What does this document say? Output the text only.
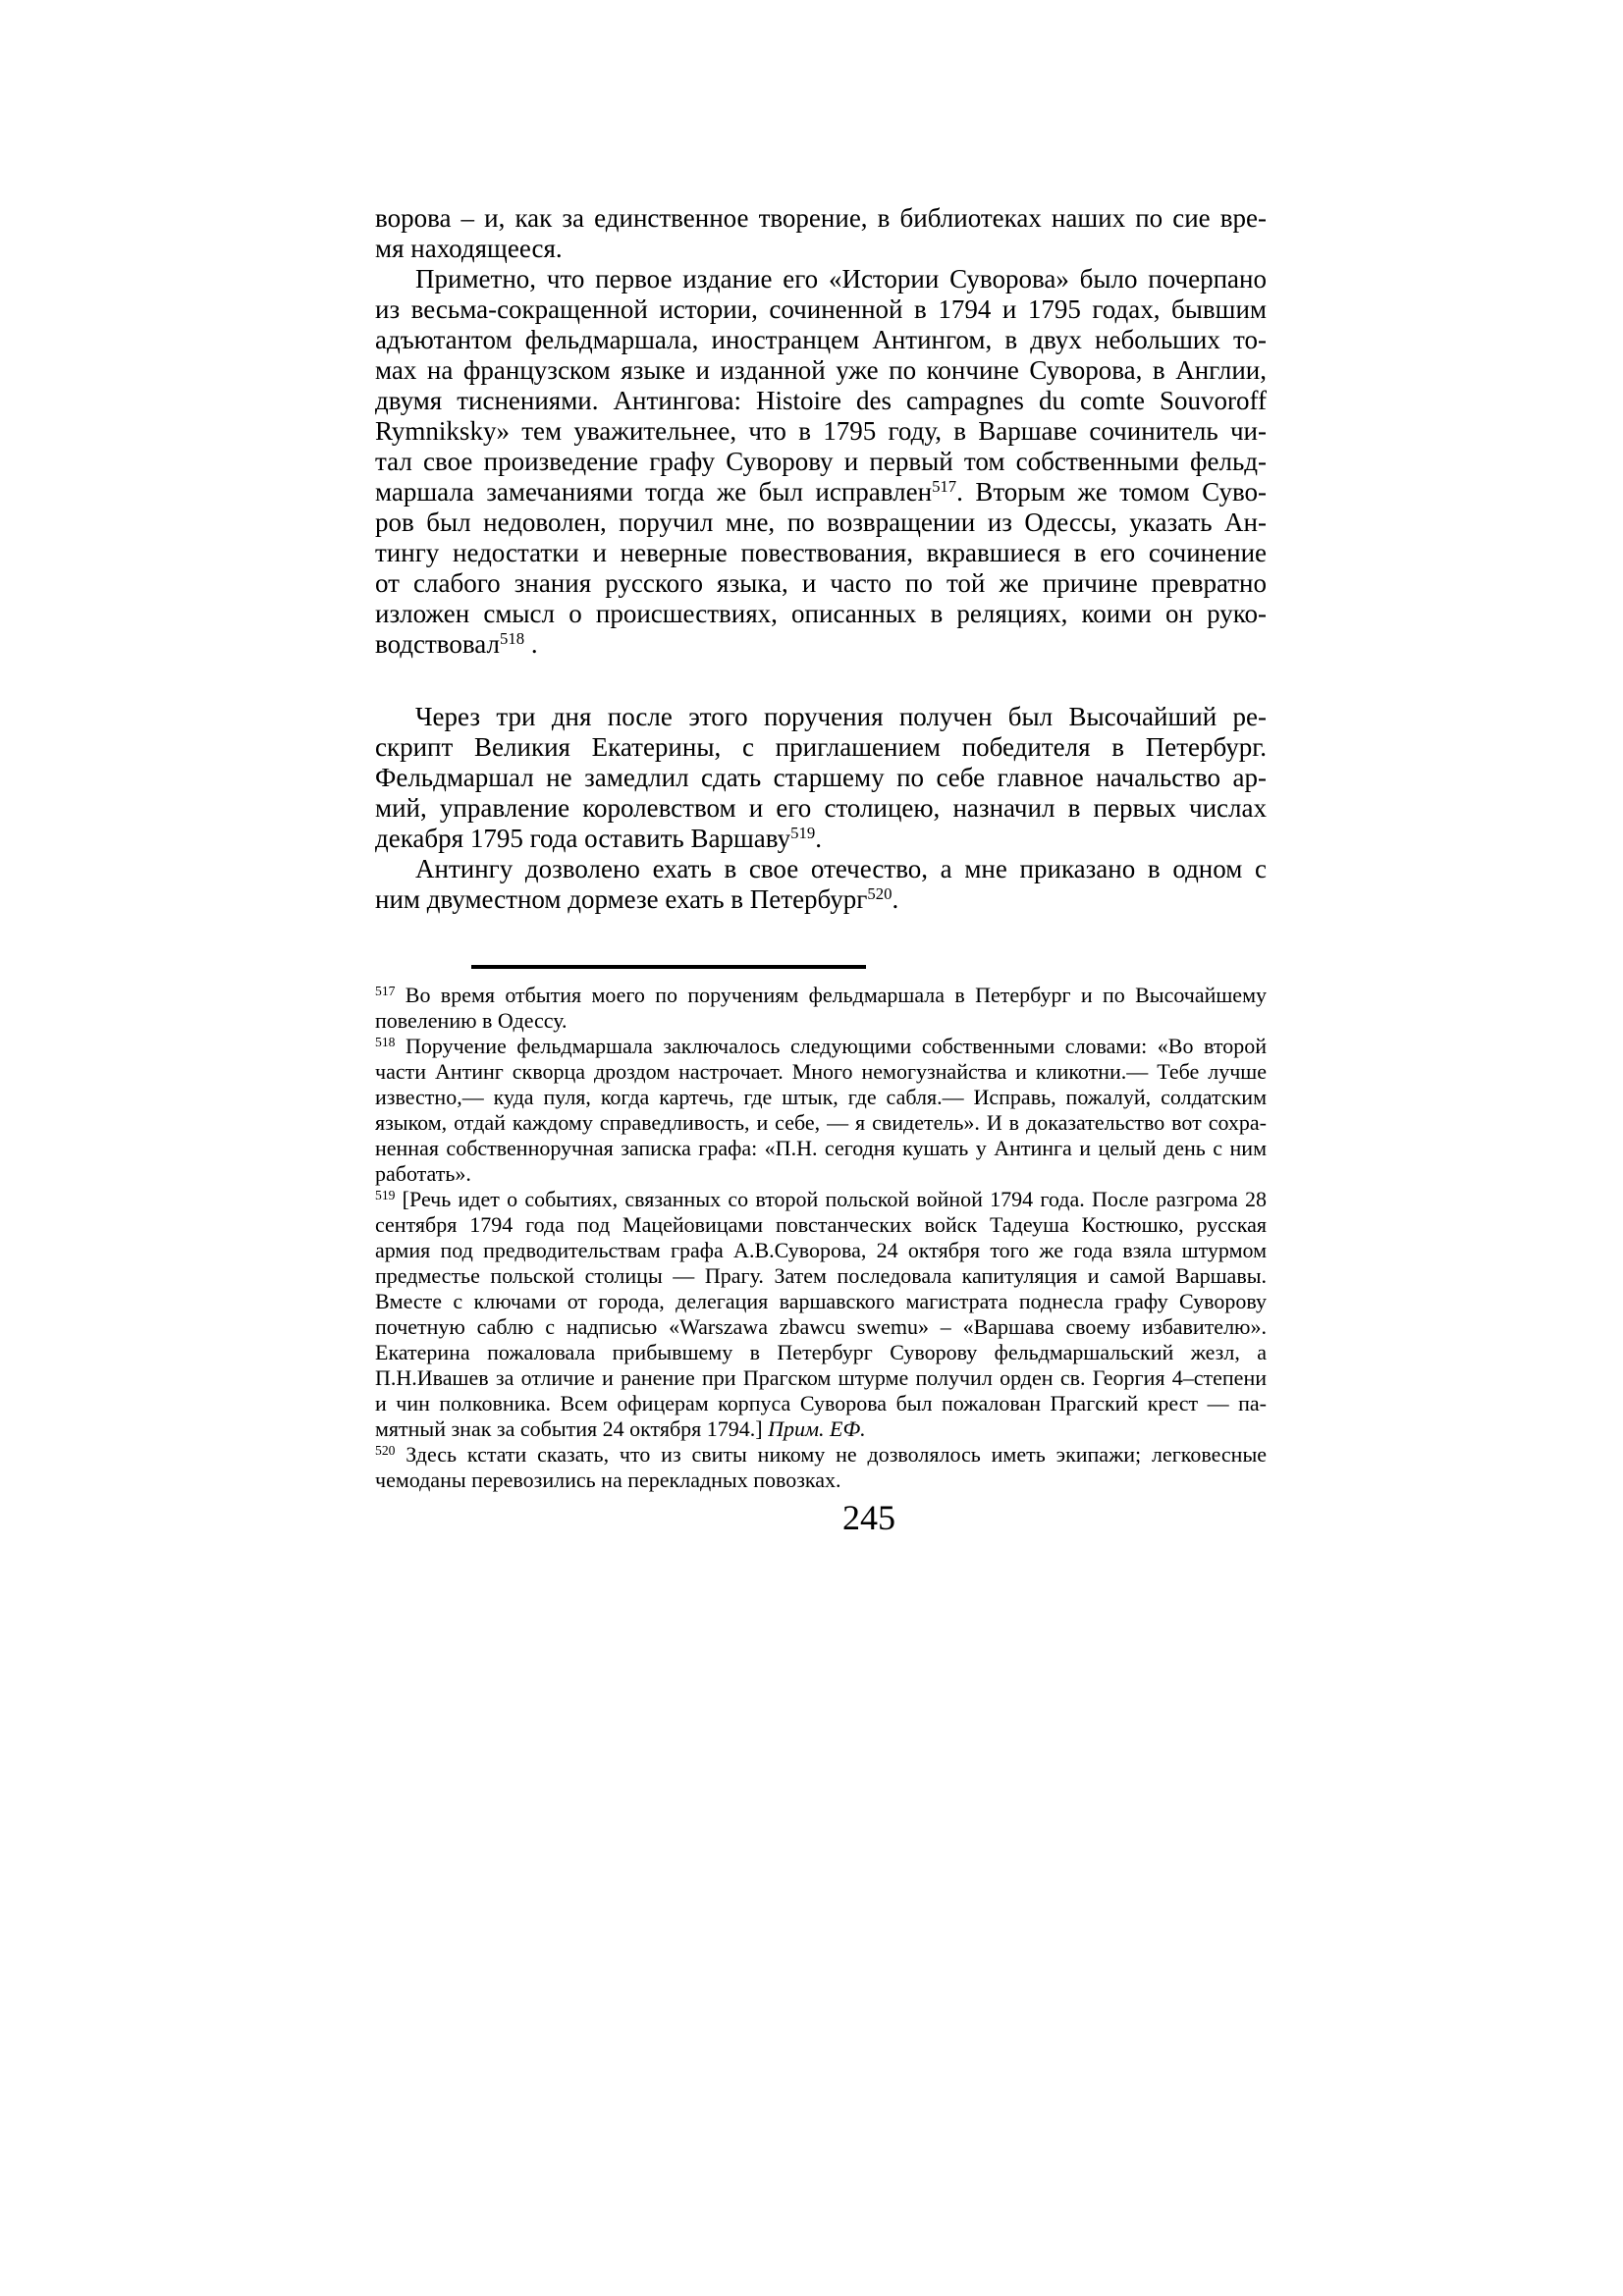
ворова – и, как за единственное творение, в библиотеках наших по сие вре-
мя находящееся.
Приметно, что первое издание его «Истории Суворова» было почерпано
из весьма-сокращенной истории, сочиненной в 1794 и 1795 годах, бывшим
адъютантом фельдмаршала, иностранцем Антингом, в двух небольших то-
мах на французском языке и изданной уже по кончине Суворова, в Англии,
двумя тиснениями. Антингова: Histoire des campagnes du comte Souvoroff
Rymniksky» тем уважительнее, что в 1795 году, в Варшаве сочинитель чи-
тал свое произведение графу Суворову и первый том собственными фельд-
маршала замечаниями тогда же был исправлен$^{517}$. Вторым же томом Суво-
ров был недоволен, поручил мне, по возвращении из Одессы, указать Ан-
тингу недостатки и неверные повествования, вкравшиеся в его сочинение
от слабого знания русского языка, и часто по той же причине превратно
изложен смысл о происшествиях, описанных в реляциях, коими он руко-
водствовал$^{518}$ .
Через три дня после этого поручения получен был Высочайший ре-
скрипт Великия Екатерины, с приглашением победителя в Петербург.
Фельдмаршал не замедлил сдать старшему по себе главное начальство ар-
мий, управление королевством и его столицею, назначил в первых числах
декабря 1795 года оставить Варшаву$^{519}$.
Антингу дозволено ехать в свое отечество, а мне приказано в одном с
ним двуместном дормезе ехать в Петербург$^{520}$.
$^{517}$ Во время отбытия моего по поручениям фельдмаршала в Петербург и по Высочайшему
повелению в Одессу.
$^{518}$ Поручение фельдмаршала заключалось следующими собственными словами: «Во второй
части Антинг скворца дроздом настрочает. Много немогузнайства и кликотни.— Тебе лучше
известно,— куда пуля, когда картечь, где штык, где сабля.— Исправь, пожалуй, солдатским
языком, отдай каждому справедливость, и себе, — я свидетель». И в доказательство вот сохра-
ненная собственноручная записка графа: «П.Н. сегодня кушать у Антинга и целый день с ним
работать».
$^{519}$ [Речь идет о событиях, связанных со второй польской войной 1794 года. После разгрома 28
сентября 1794 года под Мацейовицами повстанческих войск Тадеуша Костюшко, русская
армия под предводительствам графа А.В.Суворова, 24 октября того же года взяла штурмом
предместье польской столицы — Прагу. Затем последовала капитуляция и самой Варшавы.
Вместе с ключами от города, делегация варшавского магистрата поднесла графу Суворову
почетную саблю с надписью «Warszawa zbawcu swemu» – «Варшава своему избавителю».
Екатерина пожаловала прибывшему в Петербург Суворову фельдмаршальский жезл, а
П.Н.Ивашев за отличие и ранение при Прагском штурме получил орден св. Георгия 4–степени
и чин полковника. Всем офицерам корпуса Суворова был пожалован Прагский крест — па-
мятный знак за события 24 октября 1794.] Прим. ЕФ.
$^{520}$ Здесь кстати сказать, что из свиты никому не дозволялось иметь экипажи; легковесные
чемоданы перевозились на перекладных повозках.
245
